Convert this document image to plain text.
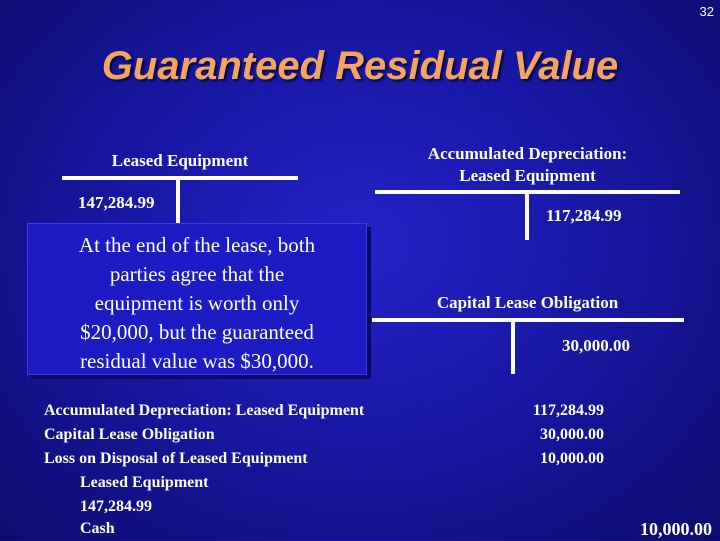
32
Guaranteed Residual Value
Leased Equipment
147,284.99
Accumulated Depreciation:
Leased Equipment
117,284.99
Capital Lease Obligation
30,000.00
At the end of the lease, both
parties agree that the
equipment is worth only
$20,000, but the guaranteed
residual value was $30,000.
Accumulated Depreciation: Leased Equipment	117,284.99
Capital Lease Obligation	30,000.00
Loss on Disposal of Leased Equipment	10,000.00
Leased Equipment
147,284.99
Cash	10,000.00
